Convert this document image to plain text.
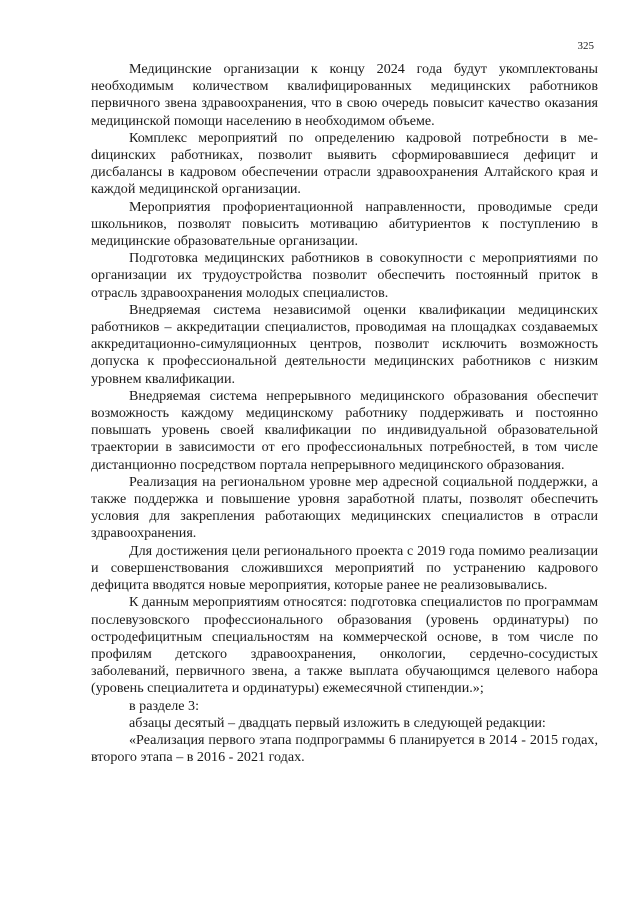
325

Медицинские организации к концу 2024 года будут укомплектованы необходимым количеством квалифицированных медицинских работников первичного звена здравоохранения, что в свою очередь повысит качество оказания медицинской помощи населению в необходимом объеме.

Комплекс мероприятий по определению кадровой потребности в меdицинских работниках, позволит выявить сформировавшиеся дефицит и дисбалансы в кадровом обеспечении отрасли здравоохранения Алтайского края и каждой медицинской организации.

Мероприятия профориентационной направленности, проводимые среди школьников, позволят повысить мотивацию абитуриентов к поступлению в медицинские образовательные организации.

Подготовка медицинских работников в совокупности с мероприятиями по организации их трудоустройства позволит обеспечить постоянный приток в отрасль здравоохранения молодых специалистов.

Внедряемая система независимой оценки квалификации медицинских работников – аккредитации специалистов, проводимая на площадках создаваемых аккредитационно-симуляционных центров, позволит исключить возможность допуска к профессиональной деятельности медицинских работников с низким уровнем квалификации.

Внедряемая система непрерывного медицинского образования обеспечит возможность каждому медицинскому работнику поддерживать и постоянно повышать уровень своей квалификации по индивидуальной образовательной траектории в зависимости от его профессиональных потребностей, в том числе дистанционно посредством портала непрерывного медицинского образования.

Реализация на региональном уровне мер адресной социальной поддержки, а также поддержка и повышение уровня заработной платы, позволят обеспечить условия для закрепления работающих медицинских специалистов в отрасли здравоохранения.

Для достижения цели регионального проекта с 2019 года помимо реализации и совершенствования сложившихся мероприятий по устранению кадрового дефицита вводятся новые мероприятия, которые ранее не реализовывались.

К данным мероприятиям относятся: подготовка специалистов по программам послевузовского профессионального образования (уровень ординатуры) по остродефицитным специальностям на коммерческой основе, в том числе по профилям детского здравоохранения, онкологии, сердечно-сосудистых заболеваний, первичного звена, а также выплата обучающимся целевого набора (уровень специалитета и ординатуры) ежемесячной стипендии.»;

в разделе 3:

абзацы десятый – двадцать первый изложить в следующей редакции:

«Реализация первого этапа подпрограммы 6 планируется в 2014 - 2015 годах, второго этапа – в 2016 - 2021 годах.
